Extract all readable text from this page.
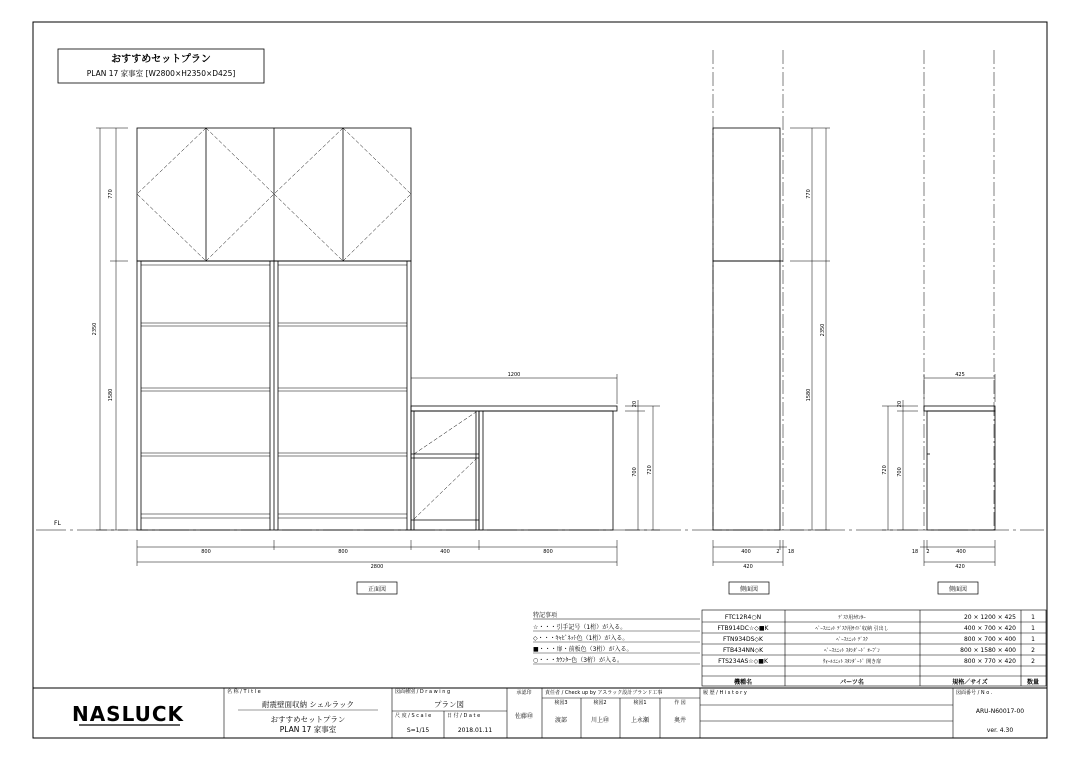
おすすめセットプラン
PLAN 17 家事室 [W2800×H2350×D425]
FL
770
2350
1580
1200
20
700 720
800	800	400	800
2800
正面図
770
2350
1580
400	2 18
420
側面図
425
20
720 700
18 2	400
420
側面図
特記事項
☆・・・引手記号（1桁）が入る。
◇・・・ｷｬﾋﾞﾈｯﾄ色（1桁）が入る。
■・・・扉・前板色（3桁）が入る。
○・・・ｶｳﾝﾀｰ色（3桁）が入る。
FTC12R4○N	ﾃﾞｽｸ用ｶｳﾝﾀｰ	20 × 1200 × 425	1
FTB914DC☆◇■K	ﾍﾞｰｽﾕﾆｯﾄ ﾃﾞｽｸ用ｻｲﾄﾞ収納 引出し	400 × 700 × 420	1
FTN934DS◇K	ﾍﾞｰｽﾕﾆｯﾄ ﾃﾞｽｸ	800 × 700 × 400	1
FTB434NN◇K	ﾍﾞｰｽﾕﾆｯﾄ ｽﾀﾝﾀﾞｰﾄﾞ ｵｰﾌﾟﾝ	800 × 1580 × 400	2
FTS234AS☆◇■K	ｳｫｰﾙﾕﾆｯﾄ ｽﾀﾝﾀﾞｰﾄﾞ 開き扉	800 × 770 × 420	2
機種名	パーツ名	規格／サイズ	数量
NASLUCK
名 称 / T i t l e
耐震壁面収納 シェルラック
おすすめセットプラン
PLAN 17 家事室
図面種別 / D r a w i n g
プラン図
尺 度 / S c a l e
S=1/15
日 付 / D a t e
2018.01.11
承認印
佐藤㊞
責任者 / Check up by アスラック設計ブランド工事
検図3	検図2	検図1	作 図
渡部	川上㊞	上永瀬	奥井
履 歴 / H i s t o r y	図面番号 / N o .
ARU-N60017-00
ver. 4.30
